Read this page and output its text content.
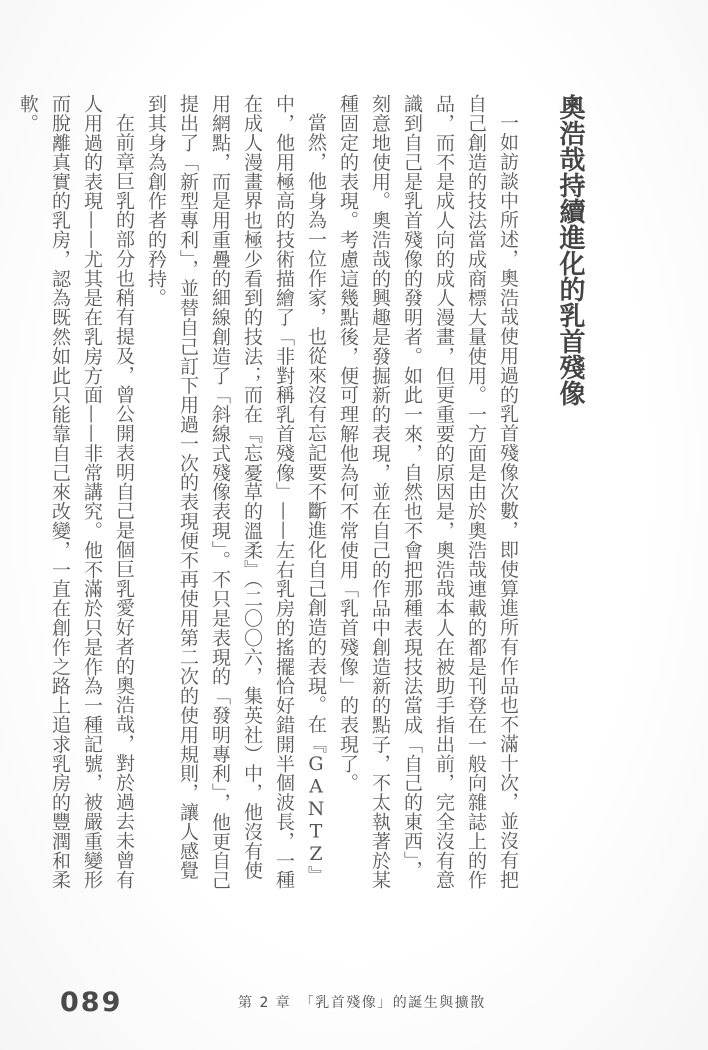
奧浩哉持續進化的乳首殘像

一如訪談中所述，奧浩哉使用過的乳首殘像次數，即使算進所有作品也不滿十次，並沒有把自己創造的技法當成商標大量使用。一方面是由於奧浩哉連載的都是刊登在一般向雜誌上的作品，而不是成人向的成人漫畫，但更重要的原因是，奧浩哉本人在被助手指出前，完全沒有意識到自己是乳首殘像的發明者。如此一來，自然也不會把那種表現技法當成「自己的東西」，刻意地使用。奧浩哉的興趣是發掘新的表現，並在自己的作品中創造新的點子，不太執著於某種固定的表現。考慮這幾點後，便可理解他為何不常使用「乳首殘像」的表現了。

當然，他身為一位作家，也從來沒有忘記要不斷進化自己創造的表現。在『GANTZ』中，他用極高的技術描繪了「非對稱乳首殘像」——左右乳房的搖擺恰好錯開半個波長，一種在成人漫畫界也極少看到的技法；而在『忘憂草的溫柔』（二〇〇六，集英社）中，他沒有使用網點，而是用重疊的細線創造了「斜線式殘像表現」。不只是表現的「發明專利」，他更自己提出了「新型專利」，並替自己訂下用過一次的表現便不再使用第二次的使用規則，讓人感覺到其身為創作者的矜持。

在前章巨乳的部分也稍有提及，曾公開表明自己是個巨乳愛好者的奧浩哉，對於過去未曾有人用過的表現——尤其是在乳房方面——非常講究。他不滿於只是作為一種記號，被嚴重變形而脫離真實的乳房，認為既然如此只能靠自己來改變，一直在創作之路上追求乳房的豐潤和柔軟。

089	第 2 章　「乳首殘像」的誕生與擴散
